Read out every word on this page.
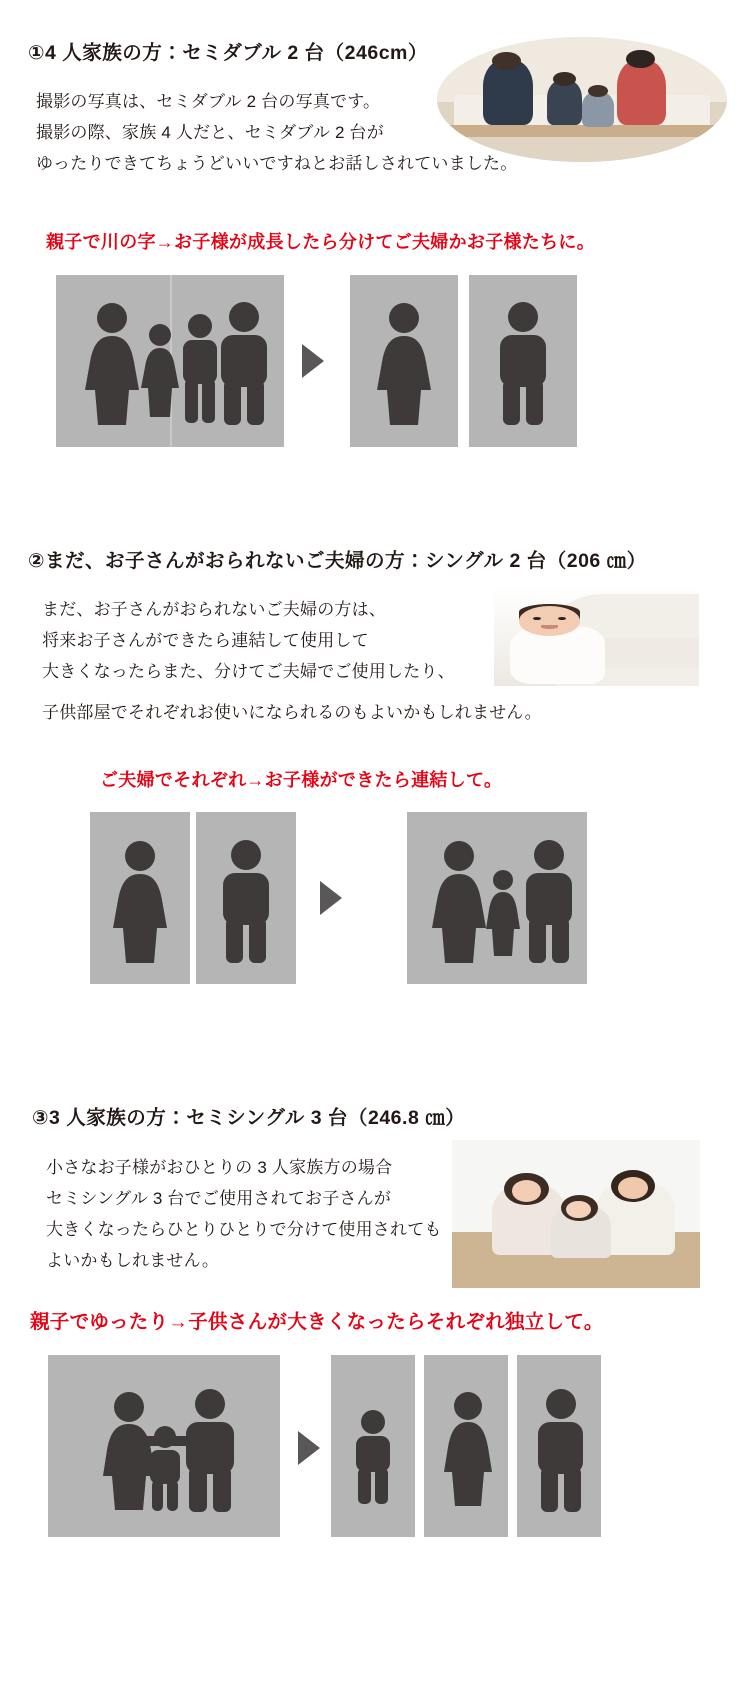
①4 人家族の方：セミダブル 2 台（246cm）
撮影の写真は、セミダブル 2 台の写真です。
撮影の際、家族 4 人だと、セミダブル 2 台が
ゆったりできてちょうどいいですねとお話しされていました。
親子で川の字→お子様が成長したら分けてご夫婦かお子様たちに。
②まだ、お子さんがおられないご夫婦の方：シングル 2 台（206 ㎝）
まだ、お子さんがおられないご夫婦の方は、
将来お子さんができたら連結して使用して
大きくなったらまた、分けてご夫婦でご使用したり、
子供部屋でそれぞれお使いになられるのもよいかもしれません。
ご夫婦でそれぞれ→お子様ができたら連結して。
③3 人家族の方：セミシングル 3 台（246.8 ㎝）
小さなお子様がおひとりの 3 人家族方の場合
セミシングル 3 台でご使用されてお子さんが
大きくなったらひとりひとりで分けて使用されても
よいかもしれません。
親子でゆったり→子供さんが大きくなったらそれぞれ独立して。
